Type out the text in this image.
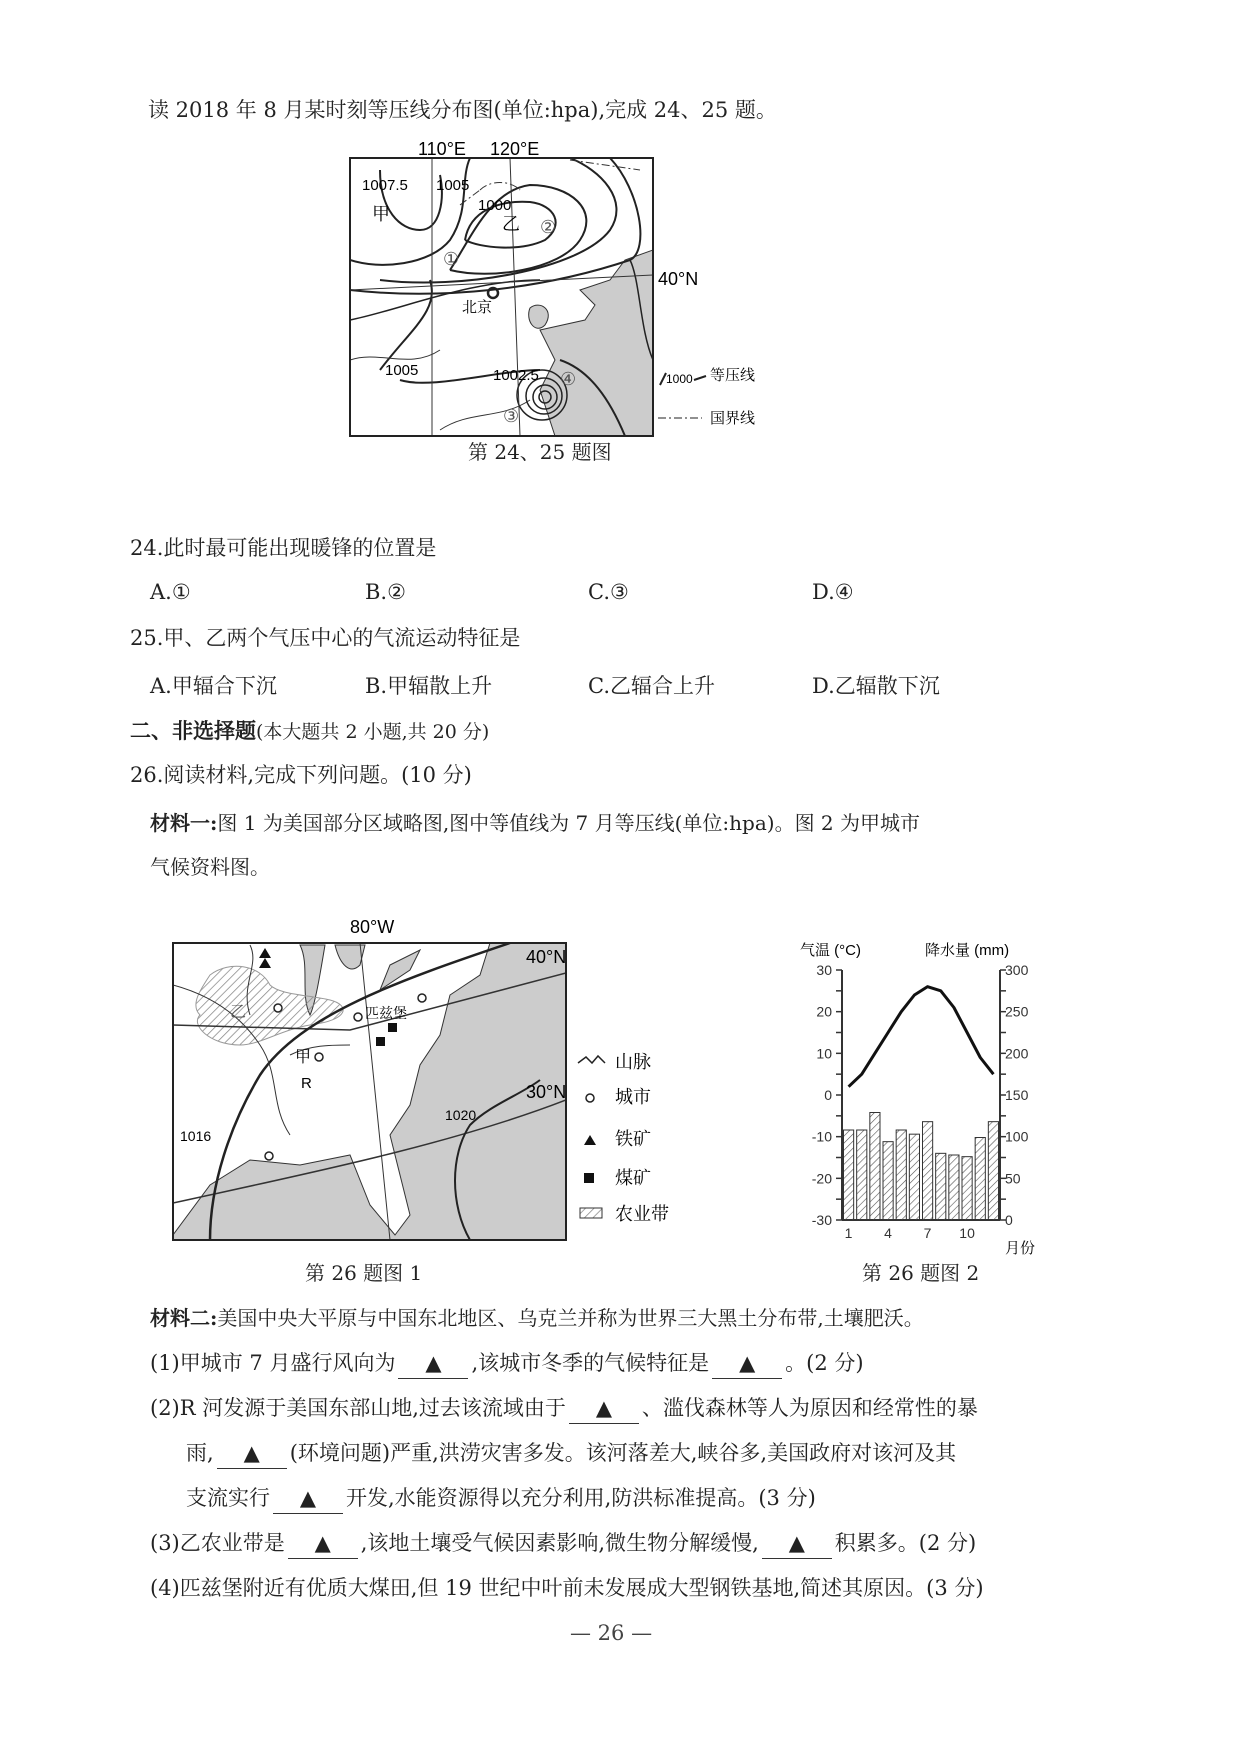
读 2018 年 8 月某时刻等压线分布图(单位:hpa),完成 24、25 题。
110°E 120°E
1007.5 1005
1000
1005	1002.5
甲	乙
北京
①
②
③
④
40°N
1000 等压线
国界线
第 24、25 题图
24.此时最可能出现暖锋的位置是
A.①	B.②	C.③	D.④
25.甲、乙两个气压中心的气流运动特征是
A.甲辐合下沉	B.甲辐散上升	C.乙辐合上升	D.乙辐散下沉
二、非选择题(本大题共 2 小题,共 20 分)
26.阅读材料,完成下列问题。(10 分)
材料一:图 1 为美国部分区域略图,图中等值线为 7 月等压线(单位:hpa)。图 2 为甲城市
气候资料图。
80°W
匹兹堡
乙
甲
R
1016
1020
40°N
30°N
山脉
城市
铁矿
煤矿
农业带
第 26 题图 1
气温 (°C)	降水量 (mm)
30
20
10
0
-10
-20
-30
300
250
200
150
100
50
0
1 4 7 10
月份
第 26 题图 2
材料二:美国中央大平原与中国东北地区、乌克兰并称为世界三大黑土分布带,土壤肥沃。
(1)甲城市 7 月盛行风向为 ▲ ,该城市冬季的气候特征是 ▲ 。(2 分)
(2)R 河发源于美国东部山地,过去该流域由于 ▲ 、滥伐森林等人为原因和经常性的暴
雨, ▲ (环境问题)严重,洪涝灾害多发。该河落差大,峡谷多,美国政府对该河及其
支流实行 ▲ 开发,水能资源得以充分利用,防洪标准提高。(3 分)
(3)乙农业带是 ▲ ,该地土壤受气候因素影响,微生物分解缓慢, ▲ 积累多。(2 分)
(4)匹兹堡附近有优质大煤田,但 19 世纪中叶前未发展成大型钢铁基地,简述其原因。(3 分)
— 26 —
